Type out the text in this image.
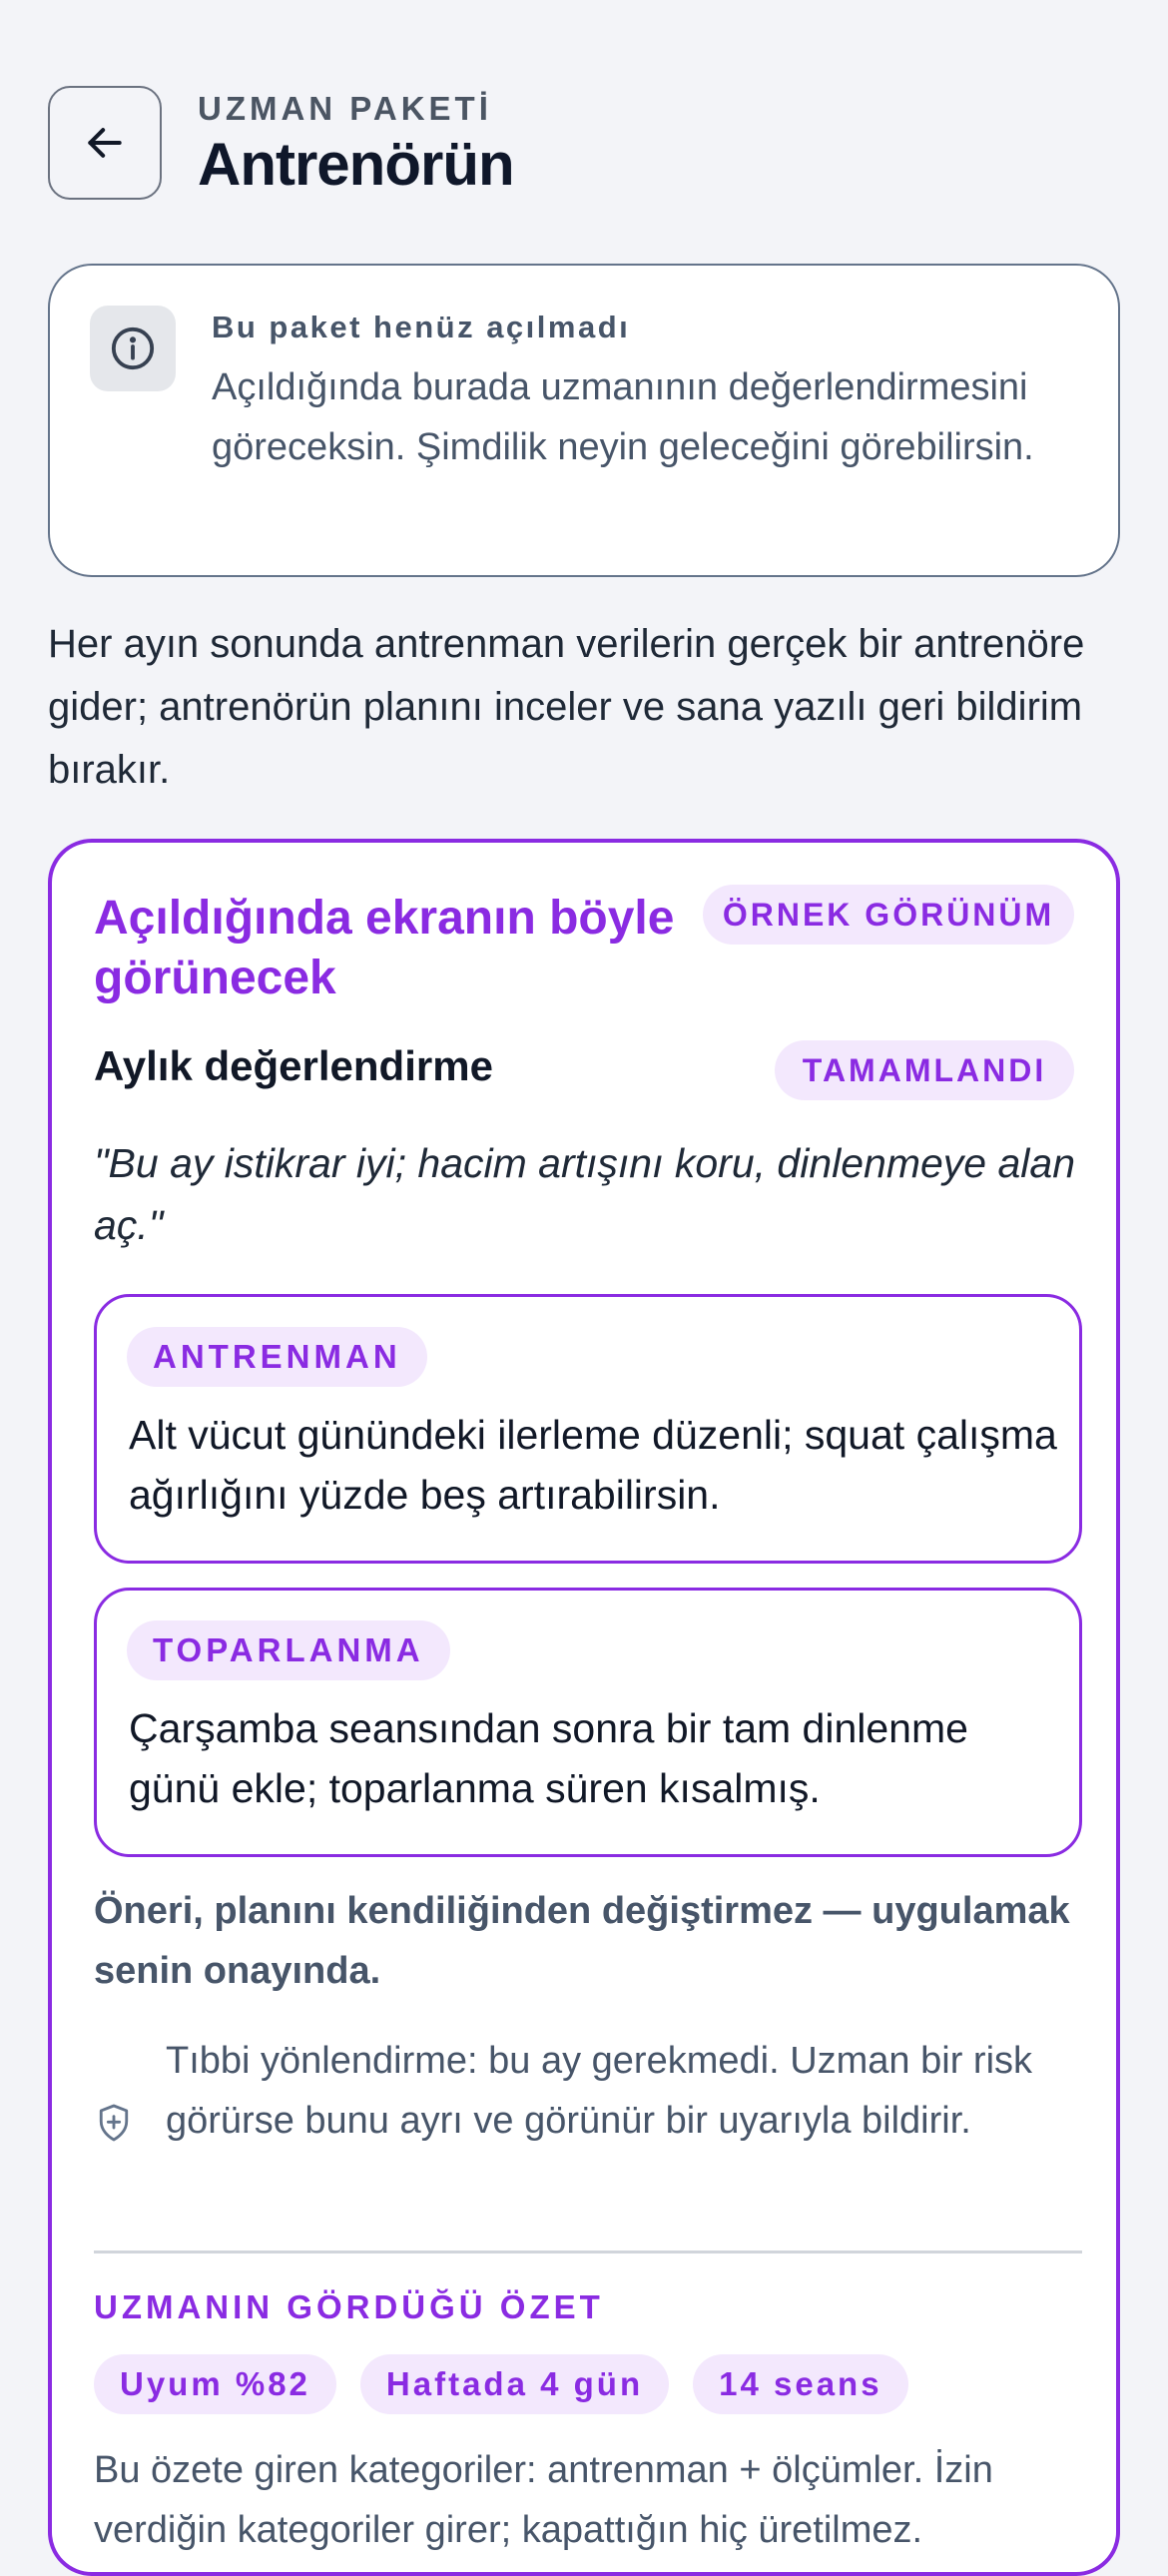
UZMAN PAKETİ
Antrenörün
Bu paket henüz açılmadı
Açıldığında burada uzmanının değerlendirmesini göreceksin. Şimdilik neyin geleceğini görebilirsin.
Her ayın sonunda antrenman verilerin gerçek bir antrenöre gider; antrenörün planını inceler ve sana yazılı geri bildirim bırakır.
Açıldığında ekranın böyle görünecek
ÖRNEK GÖRÜNÜM
Aylık değerlendirme	TAMAMLANDI
"Bu ay istikrar iyi; hacim artışını koru, dinlenmeye alan aç."
ANTRENMAN
Alt vücut günündeki ilerleme düzenli; squat çalışma ağırlığını yüzde beş artırabilirsin.
TOPARLANMA
Çarşamba seansından sonra bir tam dinlenme günü ekle; toparlanma süren kısalmış.
Öneri, planını kendiliğinden değiştirmez — uygulamak senin onayında.
Tıbbi yönlendirme: bu ay gerekmedi. Uzman bir risk görürse bunu ayrı ve görünür bir uyarıyla bildirir.
UZMANIN GÖRDÜĞÜ ÖZET
Uyum %82	Haftada 4 gün	14 seans
Bu özete giren kategoriler: antrenman + ölçümler. İzin verdiğin kategoriler girer; kapattığın hiç üretilmez.
